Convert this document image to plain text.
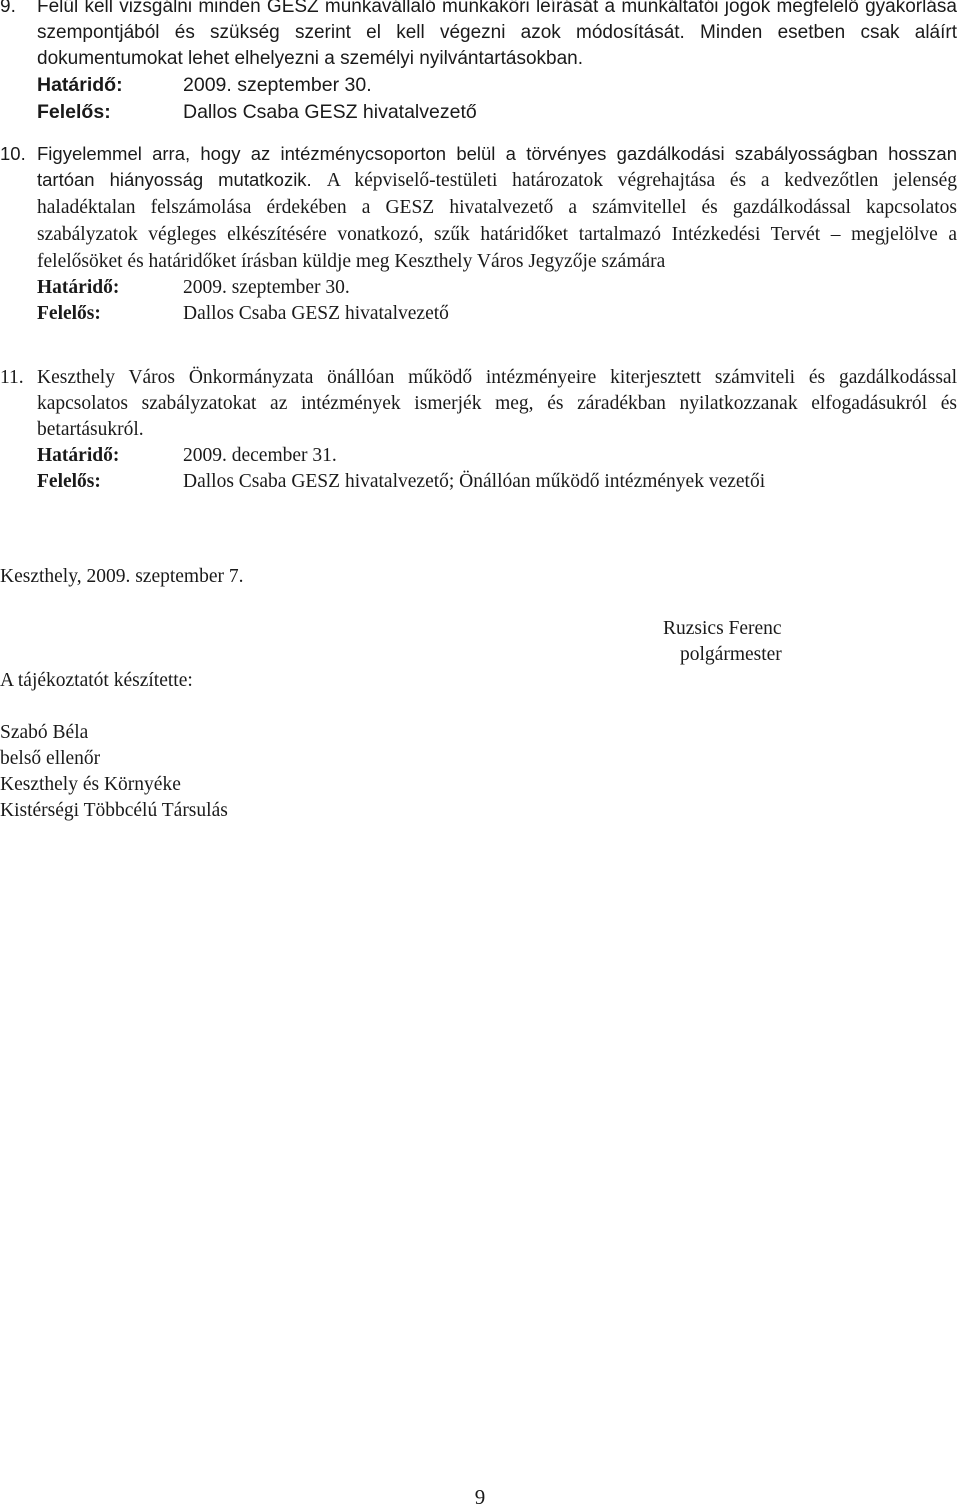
9.	Felül kell vizsgálni minden GESZ munkavállaló munkaköri leírását a munkáltatói jogok megfelelő gyakorlása szempontjából és szükség szerint el kell végezni azok módosítását. Minden esetben csak aláírt dokumentumokat lehet elhelyezni a személyi nyilvántartásokban.
Határidő:	2009. szeptember 30.
Felelős:	Dallos Csaba GESZ hivatalvezető
10. Figyelemmel arra, hogy az intézménycsoporton belül a törvényes gazdálkodási szabályosságban hosszan tartóan hiányosság mutatkozik. A képviselő-testületi határozatok végrehajtása és a kedvezőtlen jelenség haladéktalan felszámolása érdekében a GESZ hivatalvezető a számvitellel és gazdálkodással kapcsolatos szabályzatok végleges elkészítésére vonatkozó, szűk határidőket tartalmazó Intézkedési Tervét – megjelölve a felelősöket és határidőket írásban küldje meg Keszthely Város Jegyzője számára
Határidő:	2009. szeptember 30.
Felelős:	Dallos Csaba GESZ hivatalvezető
11. Keszthely Város Önkormányzata önállóan működő intézményeire kiterjesztett számviteli és gazdálkodással kapcsolatos szabályzatokat az intézmények ismerjék meg, és záradékban nyilatkozzanak elfogadásukról és betartásukról.
Határidő:	2009. december 31.
Felelős:	Dallos Csaba GESZ hivatalvezető; Önállóan működő intézmények vezetői
Keszthely, 2009. szeptember 7.
Ruzsics Ferenc
polgármester
A tájékoztatót készítette:
Szabó Béla
belső ellenőr
Keszthely és Környéke
Kistérségi Többcélú Társulás
9
